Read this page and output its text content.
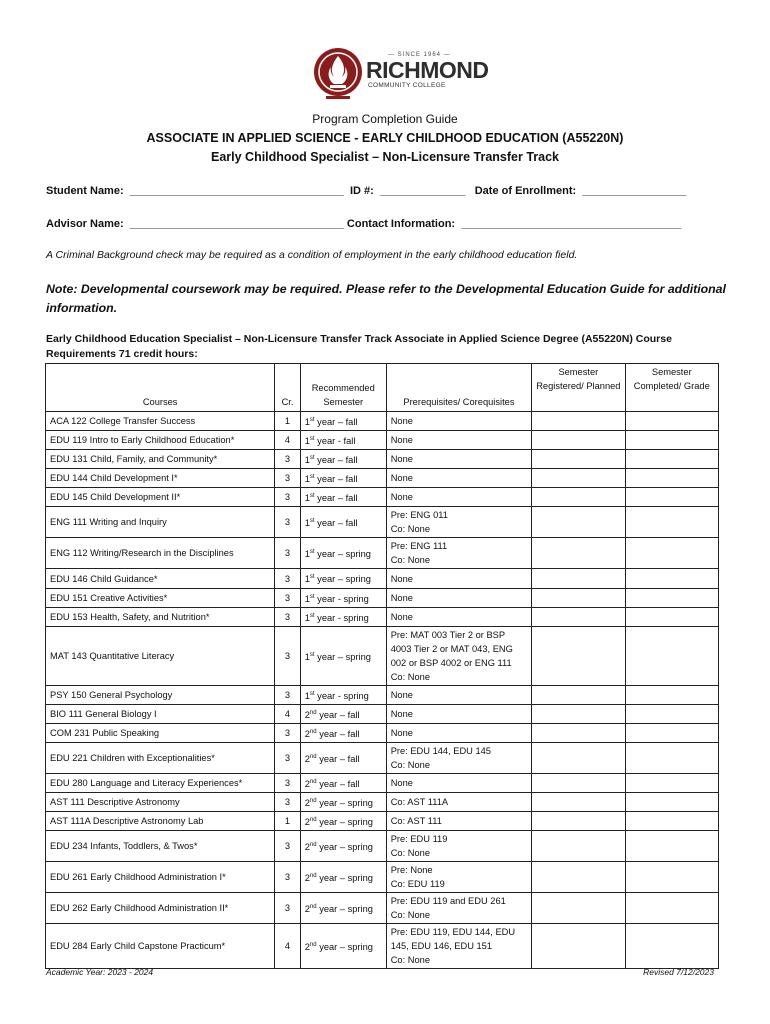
— SINCE 1964 —
RICHMOND
COMMUNITY COLLEGE
Program Completion Guide
ASSOCIATE IN APPLIED SCIENCE - EARLY CHILDHOOD EDUCATION (A55220N)
Early Childhood Specialist – Non-Licensure Transfer Track
Student Name:  ___________________________________  ID #:  ______________   Date of Enrollment:  _________________
Advisor Name:  ___________________________________ Contact Information:  ____________________________________
A Criminal Background check may be required as a condition of employment in the early childhood education field.
Note: Developmental coursework may be required. Please refer to the Developmental Education Guide for additional information.
Early Childhood Education Specialist – Non-Licensure Transfer Track Associate in Applied Science Degree (A55220N) Course Requirements 71 credit hours:
Courses	Cr.	Recommended Semester	Prerequisites/ Corequisites	Semester Registered/ Planned	Semester Completed/ Grade
ACA 122 College Transfer Success	1	1st year – fall	None		
EDU 119 Intro to Early Childhood Education*	4	1st year - fall	None		
EDU 131 Child, Family, and Community*	3	1st year – fall	None		
EDU 144 Child Development I*	3	1st year – fall	None		
EDU 145 Child Development II*	3	1st year – fall	None		
ENG 111 Writing and Inquiry	3	1st year – fall	Pre: ENG 011
Co: None		
ENG 112 Writing/Research in the Disciplines	3	1st year – spring	Pre: ENG 111
Co: None		
EDU 146 Child Guidance*	3	1st year – spring	None		
EDU 151 Creative Activities*	3	1st year - spring	None		
EDU 153 Health, Safety, and Nutrition*	3	1st year - spring	None		
MAT 143 Quantitative Literacy	3	1st year – spring	Pre: MAT 003 Tier 2 or BSP 4003 Tier 2 or MAT 043, ENG 002 or BSP 4002 or ENG 111
Co: None		
PSY 150 General Psychology	3	1st year - spring	None		
BIO 111 General Biology I	4	2nd year – fall	None		
COM 231 Public Speaking	3	2nd year – fall	None		
EDU 221 Children with Exceptionalities*	3	2nd year – fall	Pre: EDU 144, EDU 145
Co: None		
EDU 280 Language and Literacy Experiences*	3	2nd year – fall	None		
AST 111 Descriptive Astronomy	3	2nd year – spring	Co: AST 111A		
AST 111A Descriptive Astronomy Lab	1	2nd year – spring	Co: AST 111		
EDU 234 Infants, Toddlers, & Twos*	3	2nd year – spring	Pre: EDU 119
Co: None		
EDU 261 Early Childhood Administration I*	3	2nd year – spring	Pre: None
Co: EDU 119		
EDU 262 Early Childhood Administration II*	3	2nd year – spring	Pre: EDU 119 and EDU 261
Co: None		
EDU 284 Early Child Capstone Practicum*	4	2nd year – spring	Pre: EDU 119, EDU 144, EDU 145, EDU 146, EDU 151
Co: None		
Academic Year: 2023 - 2024	Revised 7/12/2023
